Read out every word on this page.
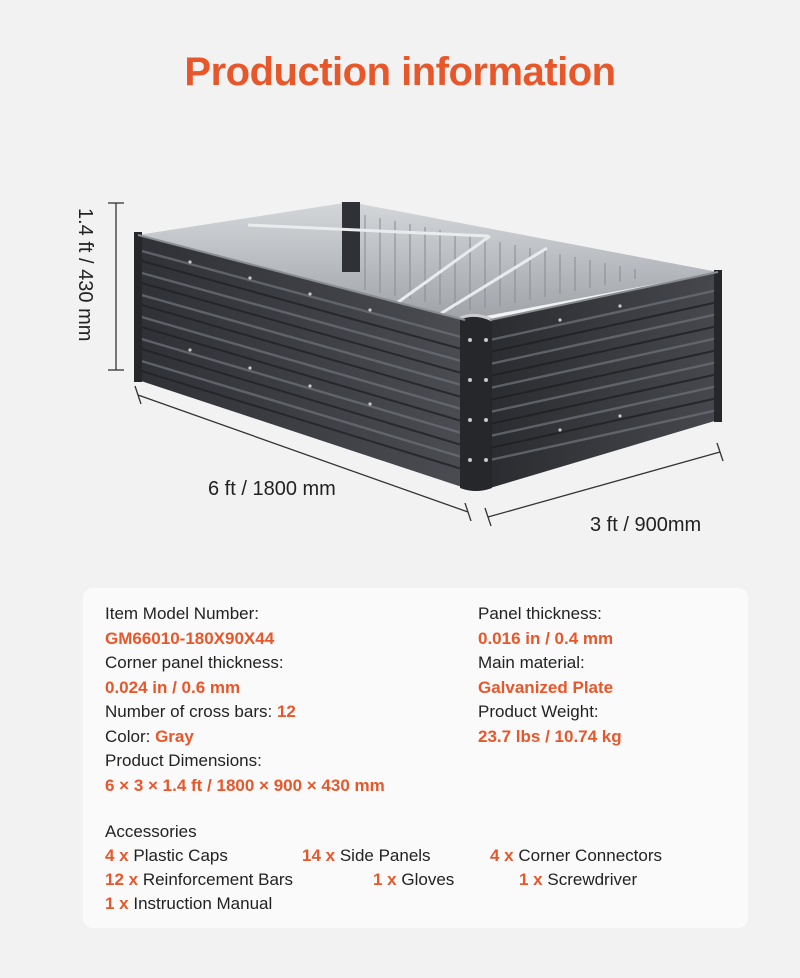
Production information
1.4 ft / 430 mm
6 ft / 1800 mm
3 ft / 900mm
Item Model Number:
GM66010-180X90X44
Corner panel thickness:
0.024 in / 0.6 mm
Number of cross bars: 12
Color: Gray
Product Dimensions:
6 × 3 × 1.4 ft / 1800 × 900 × 430 mm
Panel thickness:
0.016 in / 0.4 mm
Main material:
Galvanized Plate
Product Weight:
23.7 lbs / 10.74 kg
Accessories
4 x Plastic Caps	14 x Side Panels	4 x Corner Connectors
12 x Reinforcement Bars	1 x Gloves	1 x Screwdriver
1 x Instruction Manual
